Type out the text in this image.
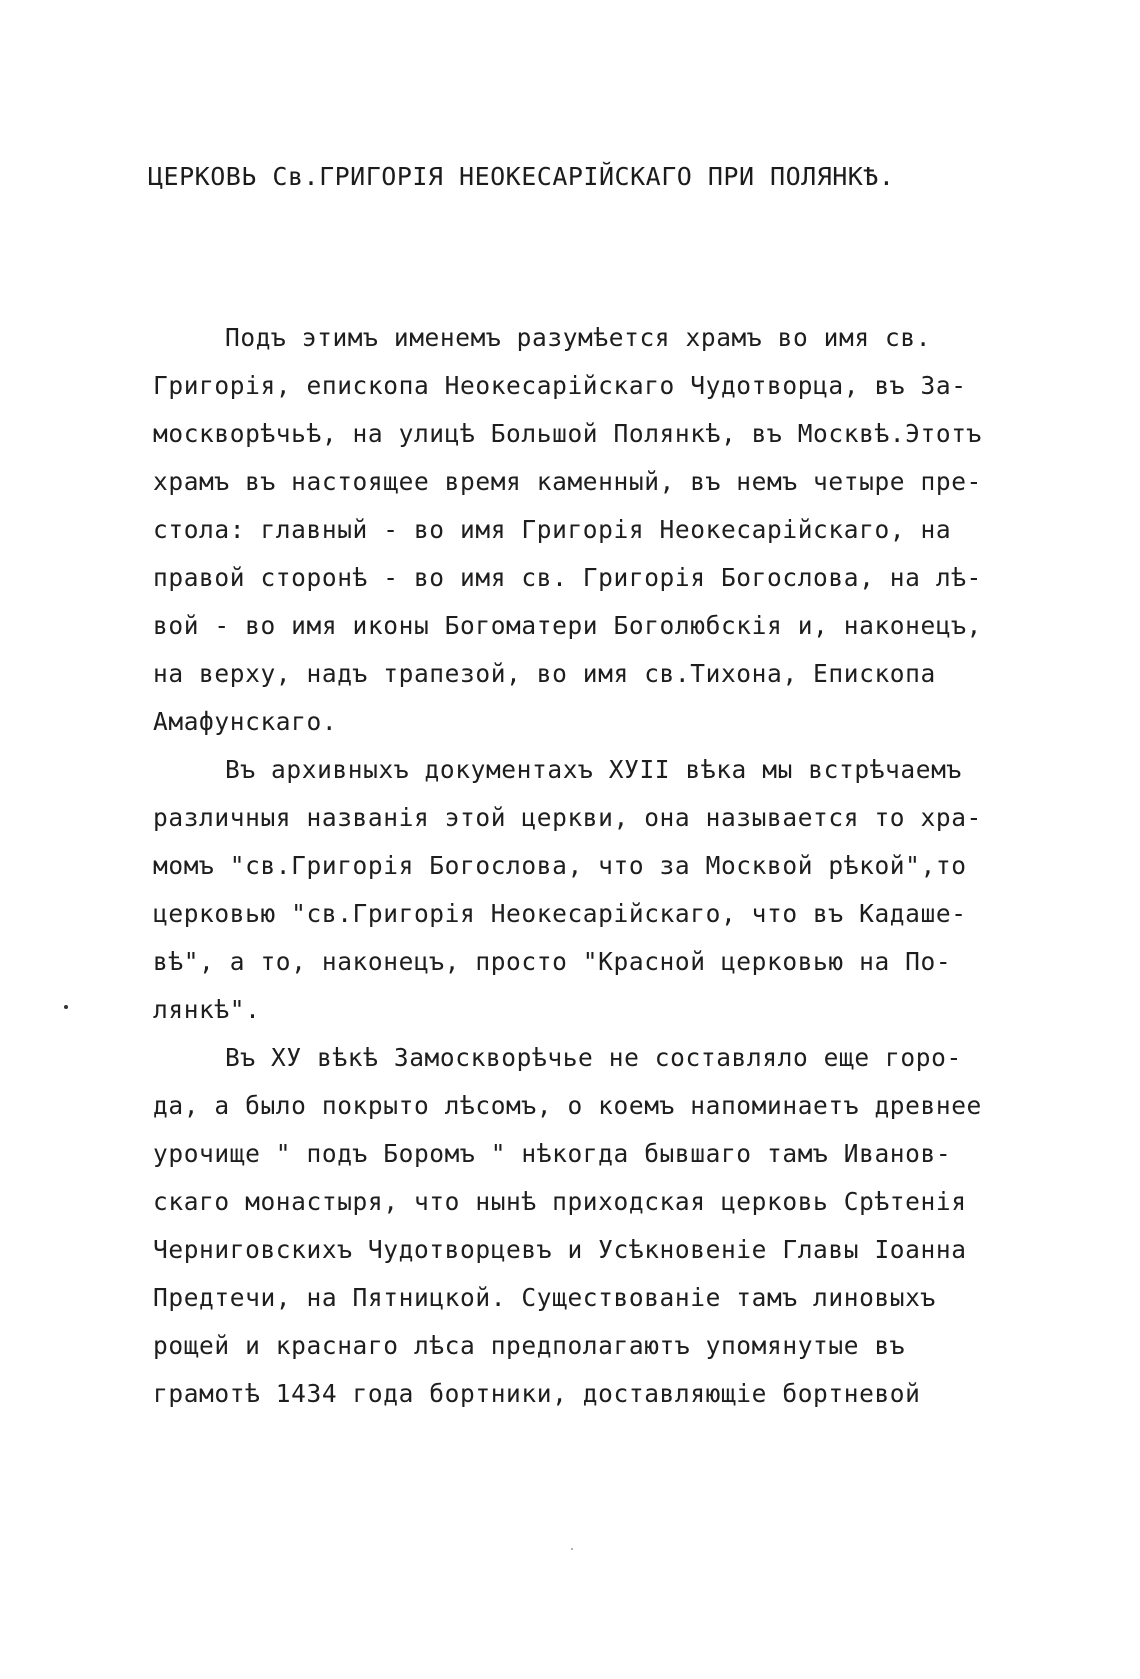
ЦЕРКОВЬ Св.ГРИГОРІЯ НЕОКЕСАРІЙСКАГО ПРИ ПОЛЯНКѢ.
Подъ этимъ именемъ разумѣется храмъ во имя св.
Григорія, епископа Неокесарійскаго Чудотворца, въ За-
москворѣчьѣ, на улицѣ Большой Полянкѣ, въ Москвѣ.Этотъ
храмъ въ настоящее время каменный, въ немъ четыре пре-
стола: главный - во имя Григорія Неокесарійскаго, на
правой сторонѣ - во имя св. Григорія Богослова, на лѣ-
вой - во имя иконы Богоматери Боголюбскія и, наконецъ,
на верху, надъ трапезой, во имя св.Тихона, Епископа
Амафунскаго.
Въ архивныхъ документахъ ХУII вѣка мы встрѣчаемъ
различныя названія этой церкви, она называется то хра-
момъ "св.Григорія Богослова, что за Москвой рѣкой",то
церковью "св.Григорія Неокесарійскаго, что въ Кадаше-
вѣ", а то, наконецъ, просто "Красной церковью на По-
лянкѣ".
Въ ХУ вѣкѣ Замоскворѣчье не составляло еще горо-
да, а было покрыто лѣсомъ, о коемъ напоминаетъ древнее
урочище " подъ Боромъ " нѣкогда бывшаго тамъ Иванов-
скаго монастыря, что нынѣ приходская церковь Срѣтенія
Черниговскихъ Чудотворцевъ и Усѣкновеніе Главы Іоанна
Предтечи, на Пятницкой. Существованіе тамъ линовыхъ
рощей и краснаго лѣса предполагаютъ упомянутые въ
грамотѣ 1434 года бортники, доставляющіе бортневой
